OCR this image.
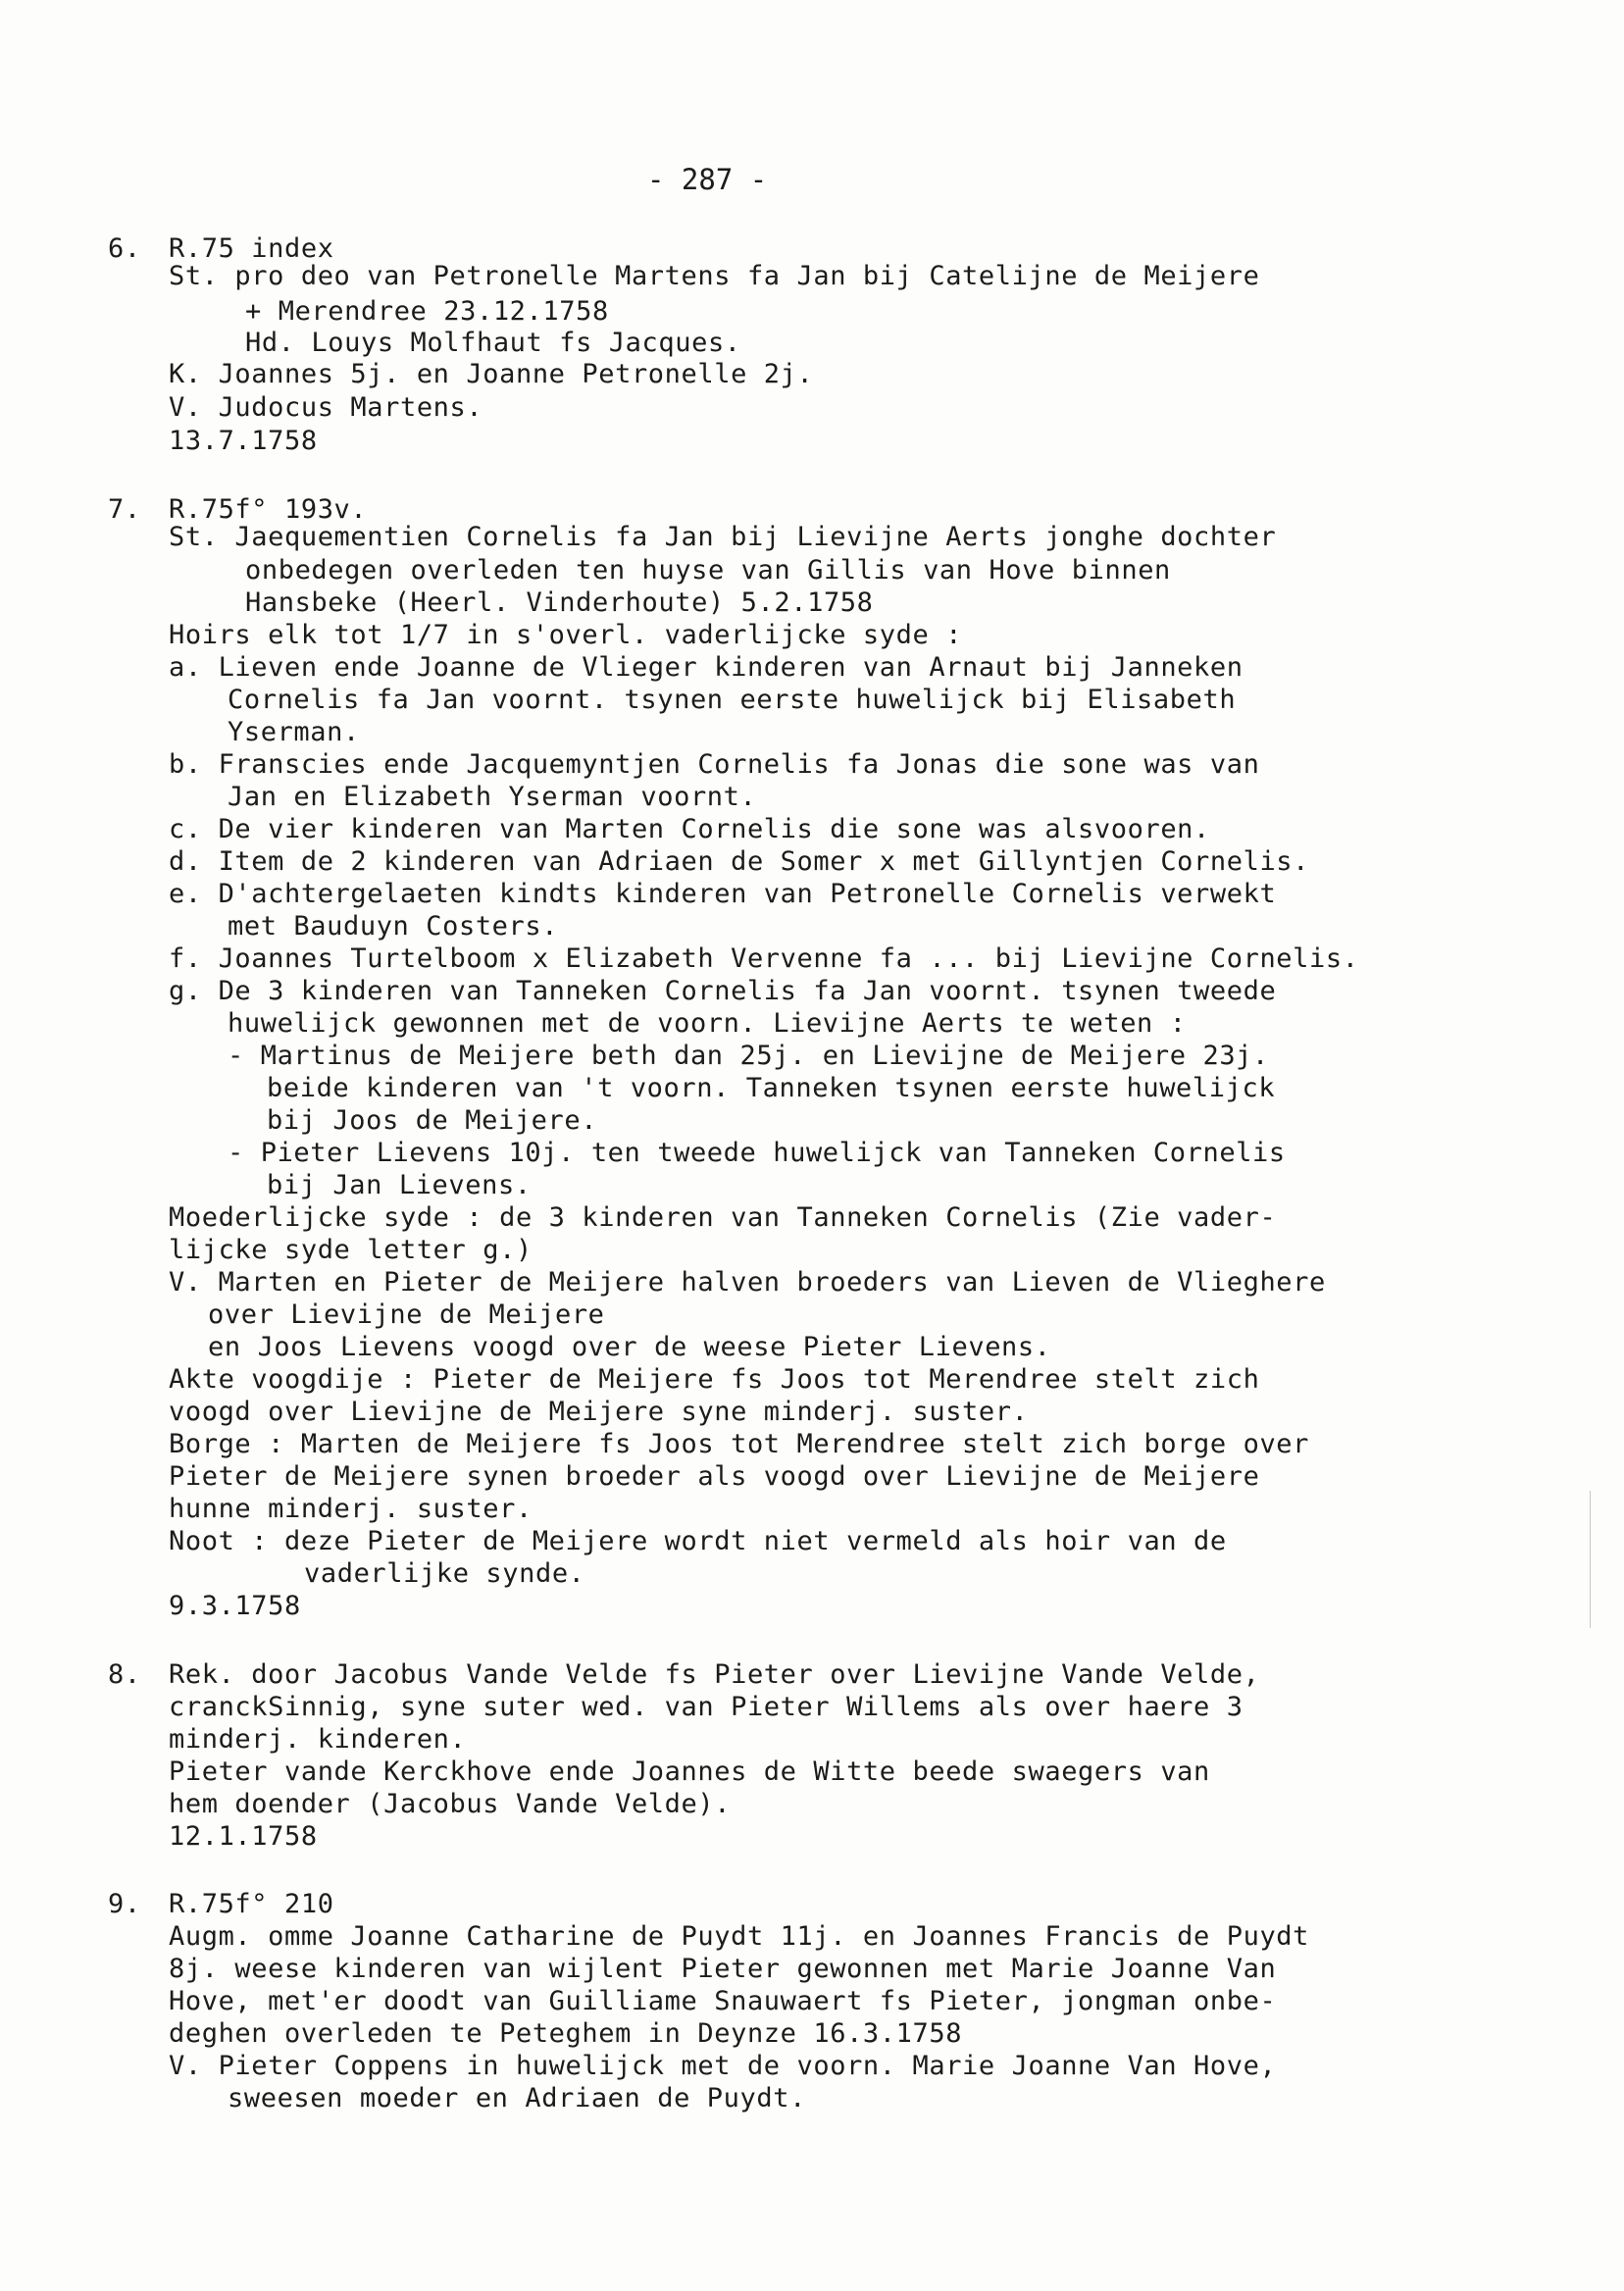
- 287 -
6. R.75 index
St. pro deo van Petronelle Martens fa Jan bij Catelijne de Meijere
+ Merendree 23.12.1758
Hd. Louys Molfhaut fs Jacques.
K. Joannes 5j. en Joanne Petronelle 2j.
V. Judocus Martens.
13.7.1758
7. R.75f° 193v.
St. Jaequementien Cornelis fa Jan bij Lievijne Aerts jonghe dochter
onbedegen overleden ten huyse van Gillis van Hove binnen
Hansbeke (Heerl. Vinderhoute) 5.2.1758
Hoirs elk tot 1/7 in s'overl. vaderlijcke syde :
a. Lieven ende Joanne de Vlieger kinderen van Arnaut bij Janneken
Cornelis fa Jan voornt. tsynen eerste huwelijck bij Elisabeth
Yserman.
b. Franscies ende Jacquemyntjen Cornelis fa Jonas die sone was van
Jan en Elizabeth Yserman voornt.
c. De vier kinderen van Marten Cornelis die sone was alsvooren.
d. Item de 2 kinderen van Adriaen de Somer x met Gillyntjen Cornelis.
e. D'achtergelaeten kindts kinderen van Petronelle Cornelis verwekt
met Bauduyn Costers.
f. Joannes Turtelboom x Elizabeth Vervenne fa ... bij Lievijne Cornelis.
g. De 3 kinderen van Tanneken Cornelis fa Jan voornt. tsynen tweede
huwelijck gewonnen met de voorn. Lievijne Aerts te weten :
- Martinus de Meijere beth dan 25j. en Lievijne de Meijere 23j.
beide kinderen van 't voorn. Tanneken tsynen eerste huwelijck
bij Joos de Meijere.
- Pieter Lievens 10j. ten tweede huwelijck van Tanneken Cornelis
bij Jan Lievens.
Moederlijcke syde : de 3 kinderen van Tanneken Cornelis (Zie vader-
lijcke syde letter g.)
V. Marten en Pieter de Meijere halven broeders van Lieven de Vlieghere
over Lievijne de Meijere
en Joos Lievens voogd over de weese Pieter Lievens.
Akte voogdije : Pieter de Meijere fs Joos tot Merendree stelt zich
voogd over Lievijne de Meijere syne minderj. suster.
Borge : Marten de Meijere fs Joos tot Merendree stelt zich borge over
Pieter de Meijere synen broeder als voogd over Lievijne de Meijere
hunne minderj. suster.
Noot : deze Pieter de Meijere wordt niet vermeld als hoir van de
vaderlijke synde.
9.3.1758
8. Rek. door Jacobus Vande Velde fs Pieter over Lievijne Vande Velde,
cranckSinnig, syne suter wed. van Pieter Willems als over haere 3
minderj. kinderen.
Pieter vande Kerckhove ende Joannes de Witte beede swaegers van
hem doender (Jacobus Vande Velde).
12.1.1758
9. R.75f° 210
Augm. omme Joanne Catharine de Puydt 11j. en Joannes Francis de Puydt
8j. weese kinderen van wijlent Pieter gewonnen met Marie Joanne Van
Hove, met'er doodt van Guilliame Snauwaert fs Pieter, jongman onbe-
deghen overleden te Peteghem in Deynze 16.3.1758
V. Pieter Coppens in huwelijck met de voorn. Marie Joanne Van Hove,
sweesen moeder en Adriaen de Puydt.
